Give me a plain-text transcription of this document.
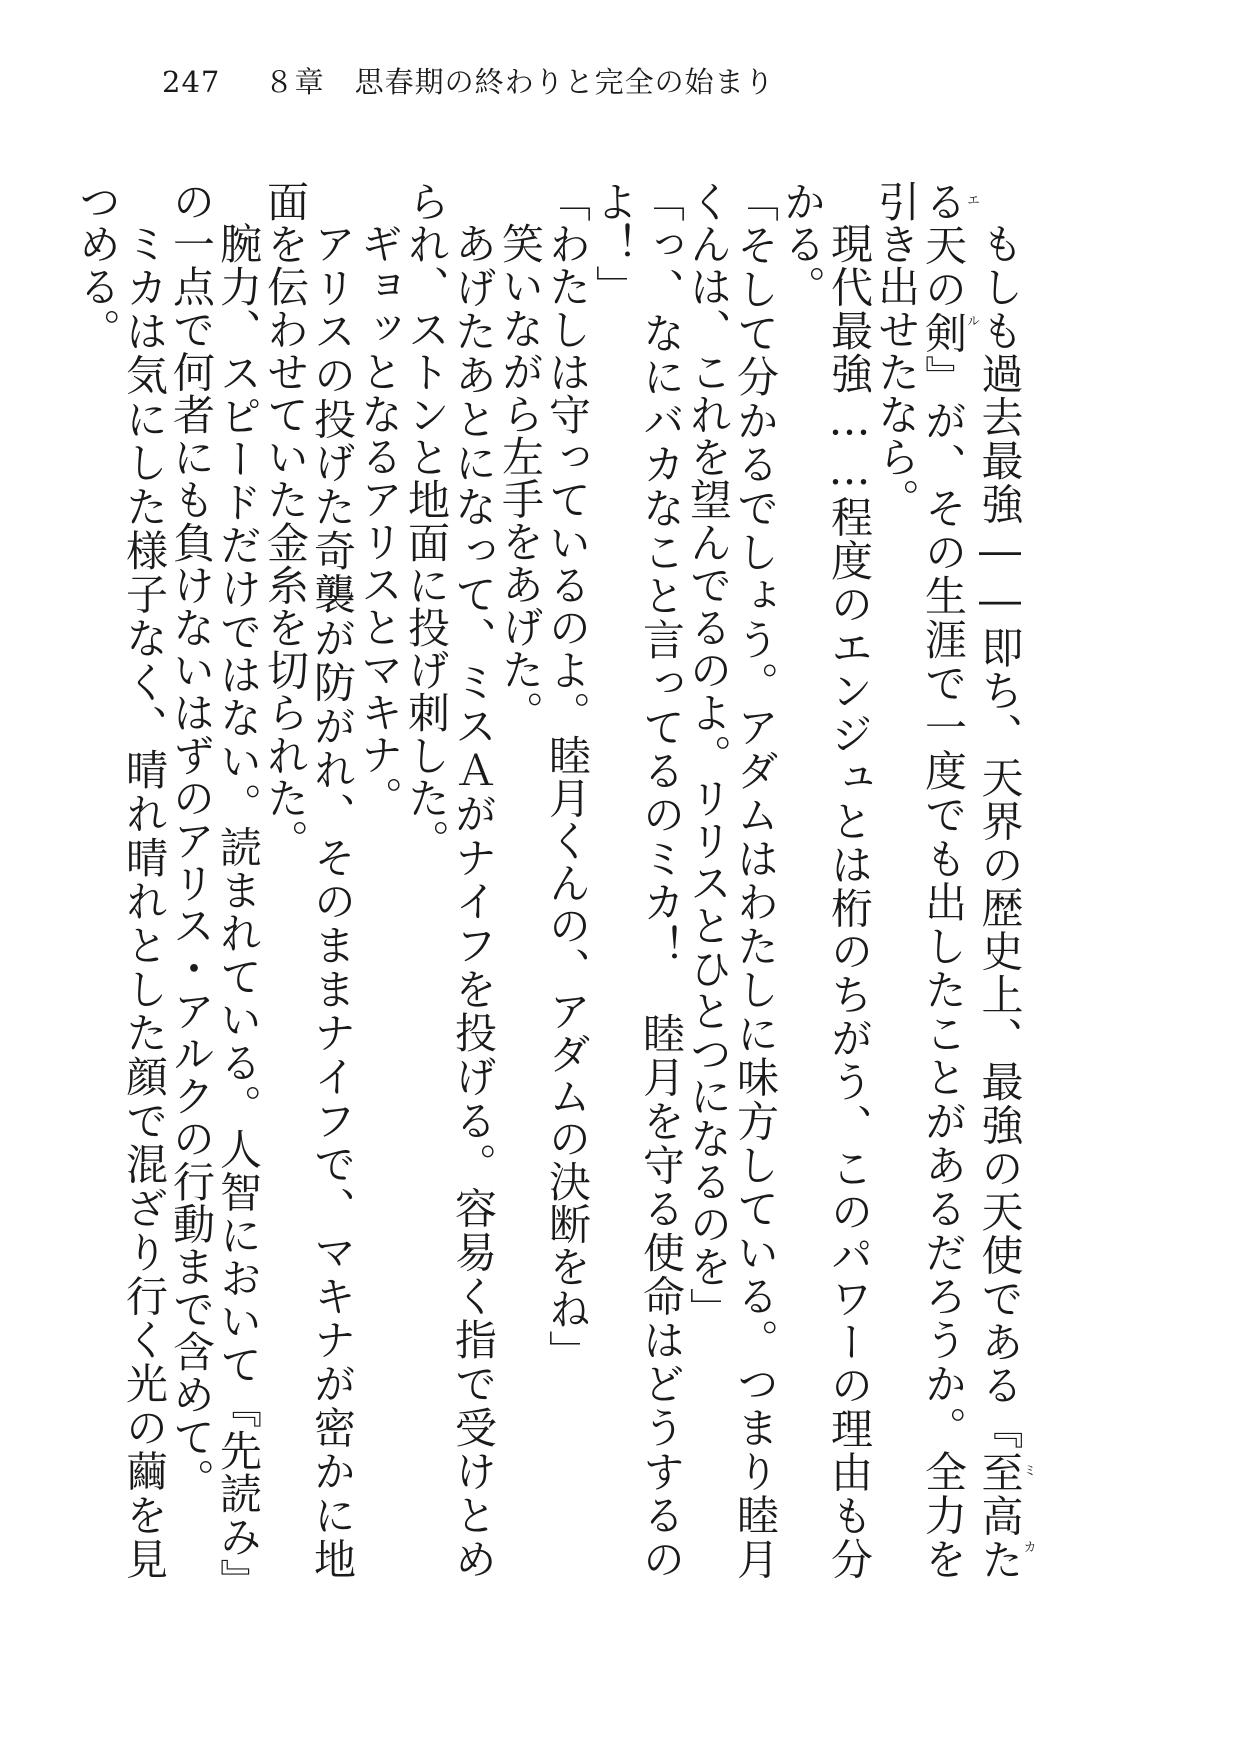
247 ８章　思春期の終わりと完全の始まり

もしも過去最強――即ち、天界の歴史上、最強の天使である『至高たる天の剣ミカエル』が、その生涯で一度でも出したことがあるだろうか。全力を引き出せたなら。

現代最強……程度のエンジュとは桁のちがう、このパワーの理由も分かる。

「そして分かるでしょう。アダムはわたしに味方している。つまり睦月くんは、これを望んでるのよ。リリスとひとつになるのを」

「っ、なにバカなこと言ってるのミカ！　睦月を守る使命はどうするのよ！」

「わたしは守っているのよ。睦月くんの、アダムの決断をね」

笑いながら左手をあげた。

あげたあとになって、ミスＡがナイフを投げる。容易く指で受けとめられ、ストンと地面に投げ刺した。

ギョッとなるアリスとマキナ。

アリスの投げた奇襲が防がれ、そのままナイフで、マキナが密かに地面を伝わせていた金糸を切られた。

腕力、スピードだけではない。読まれている。人智において『先読み』の一点で何者にも負けないはずのアリス・アルクの行動まで含めて。

ミカは気にした様子なく、晴れ晴れとした顔で混ざり行く光の繭を見つめる。
